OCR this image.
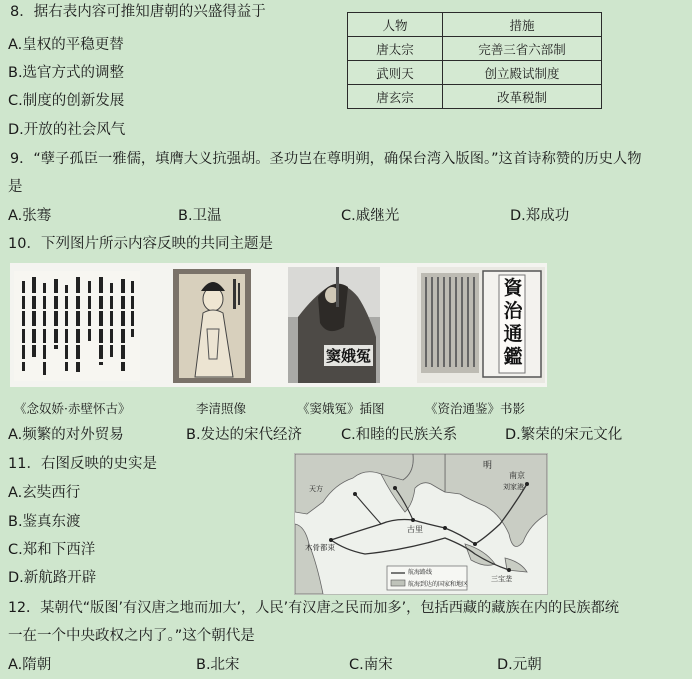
8．据右表内容可推知唐朝的兴盛得益于
A.皇权的平稳更替
B.选官方式的调整
C.制度的创新发展
D.开放的社会风气
人物	措施
唐太宗	完善三省六部制
武则天	创立殿试制度
唐玄宗	改革税制
9．“孽子孤臣一雅儒，填膺大义抗强胡。圣功岂在尊明朔，确保台湾入版图。”这首诗称赞的历史人物
是
A.张骞	B.卫温	C.戚继光	D.郑成功
10．下列图片所示内容反映的共同主题是
窦娥冤
資治通鑑
《念奴娇·赤壁怀古》	李清照像	《窦娥冤》插图	《资治通鉴》书影
A.频繁的对外贸易	B.发达的宋代经济	C.和睦的民族关系	D.繁荣的宋元文化
11．右图反映的史实是
A.玄奘西行
B.鉴真东渡
C.郑和下西洋
D.新航路开辟
明
南京
刘家港
天方
古里
木骨都束
三宝垄
航海路线
航海到达的国家和地区
12．某朝代“版图’有汉唐之地而加大’，人民’有汉唐之民而加多’，包括西藏的藏族在内的民族都统
一在一个中央政权之内了。”这个朝代是
A.隋朝	B.北宋	C.南宋	D.元朝
